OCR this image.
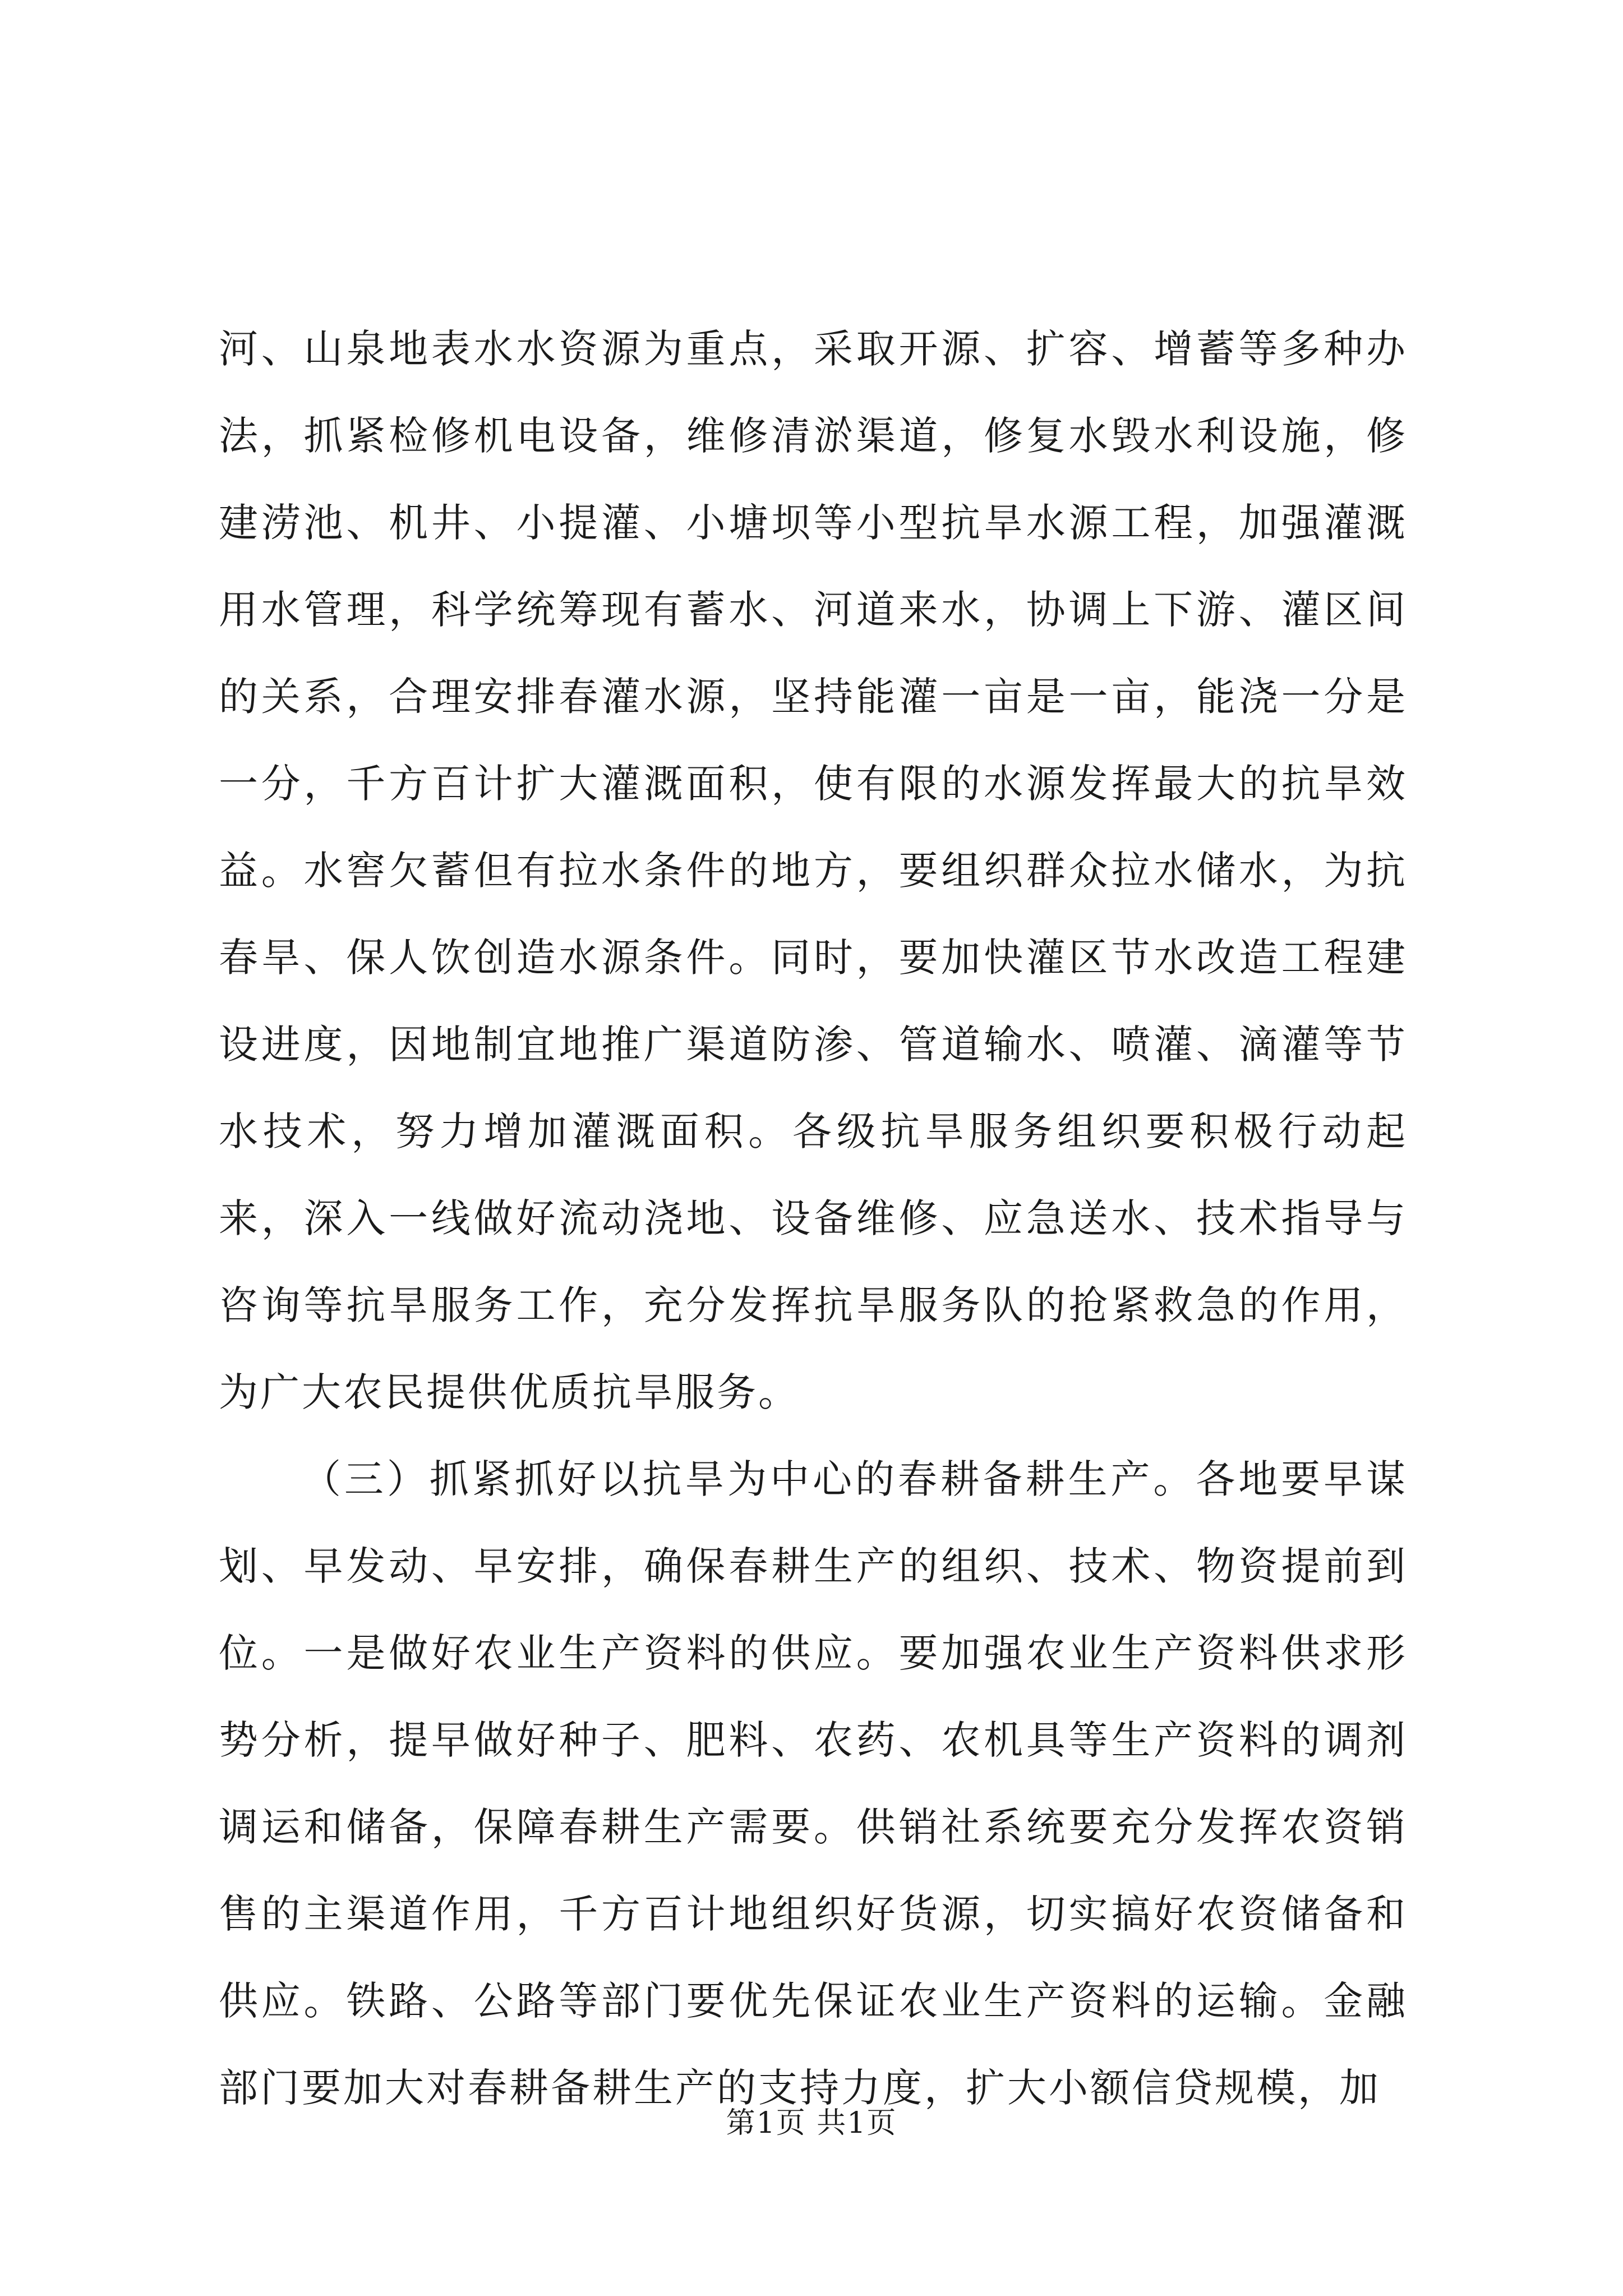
河、山泉地表水水资源为重点，采取开源、扩容、增蓄等多种办法，抓紧检修机电设备，维修清淤渠道，修复水毁水利设施，修建涝池、机井、小提灌、小塘坝等小型抗旱水源工程，加强灌溉用水管理，科学统筹现有蓄水、河道来水，协调上下游、灌区间的关系，合理安排春灌水源，坚持能灌一亩是一亩，能浇一分是一分，千方百计扩大灌溉面积，使有限的水源发挥最大的抗旱效益。水窖欠蓄但有拉水条件的地方，要组织群众拉水储水，为抗春旱、保人饮创造水源条件。同时，要加快灌区节水改造工程建设进度，因地制宜地推广渠道防渗、管道输水、喷灌、滴灌等节水技术，努力增加灌溉面积。各级抗旱服务组织要积极行动起来，深入一线做好流动浇地、设备维修、应急送水、技术指导与咨询等抗旱服务工作，充分发挥抗旱服务队的抢紧救急的作用，为广大农民提供优质抗旱服务。

（三）抓紧抓好以抗旱为中心的春耕备耕生产。各地要早谋划、早发动、早安排，确保春耕生产的组织、技术、物资提前到位。一是做好农业生产资料的供应。要加强农业生产资料供求形势分析，提早做好种子、肥料、农药、农机具等生产资料的调剂调运和储备，保障春耕生产需要。供销社系统要充分发挥农资销售的主渠道作用，千方百计地组织好货源，切实搞好农资储备和供应。铁路、公路等部门要优先保证农业生产资料的运输。金融部门要加大对春耕备耕生产的支持力度，扩大小额信贷规模，加

第1页 共1页
